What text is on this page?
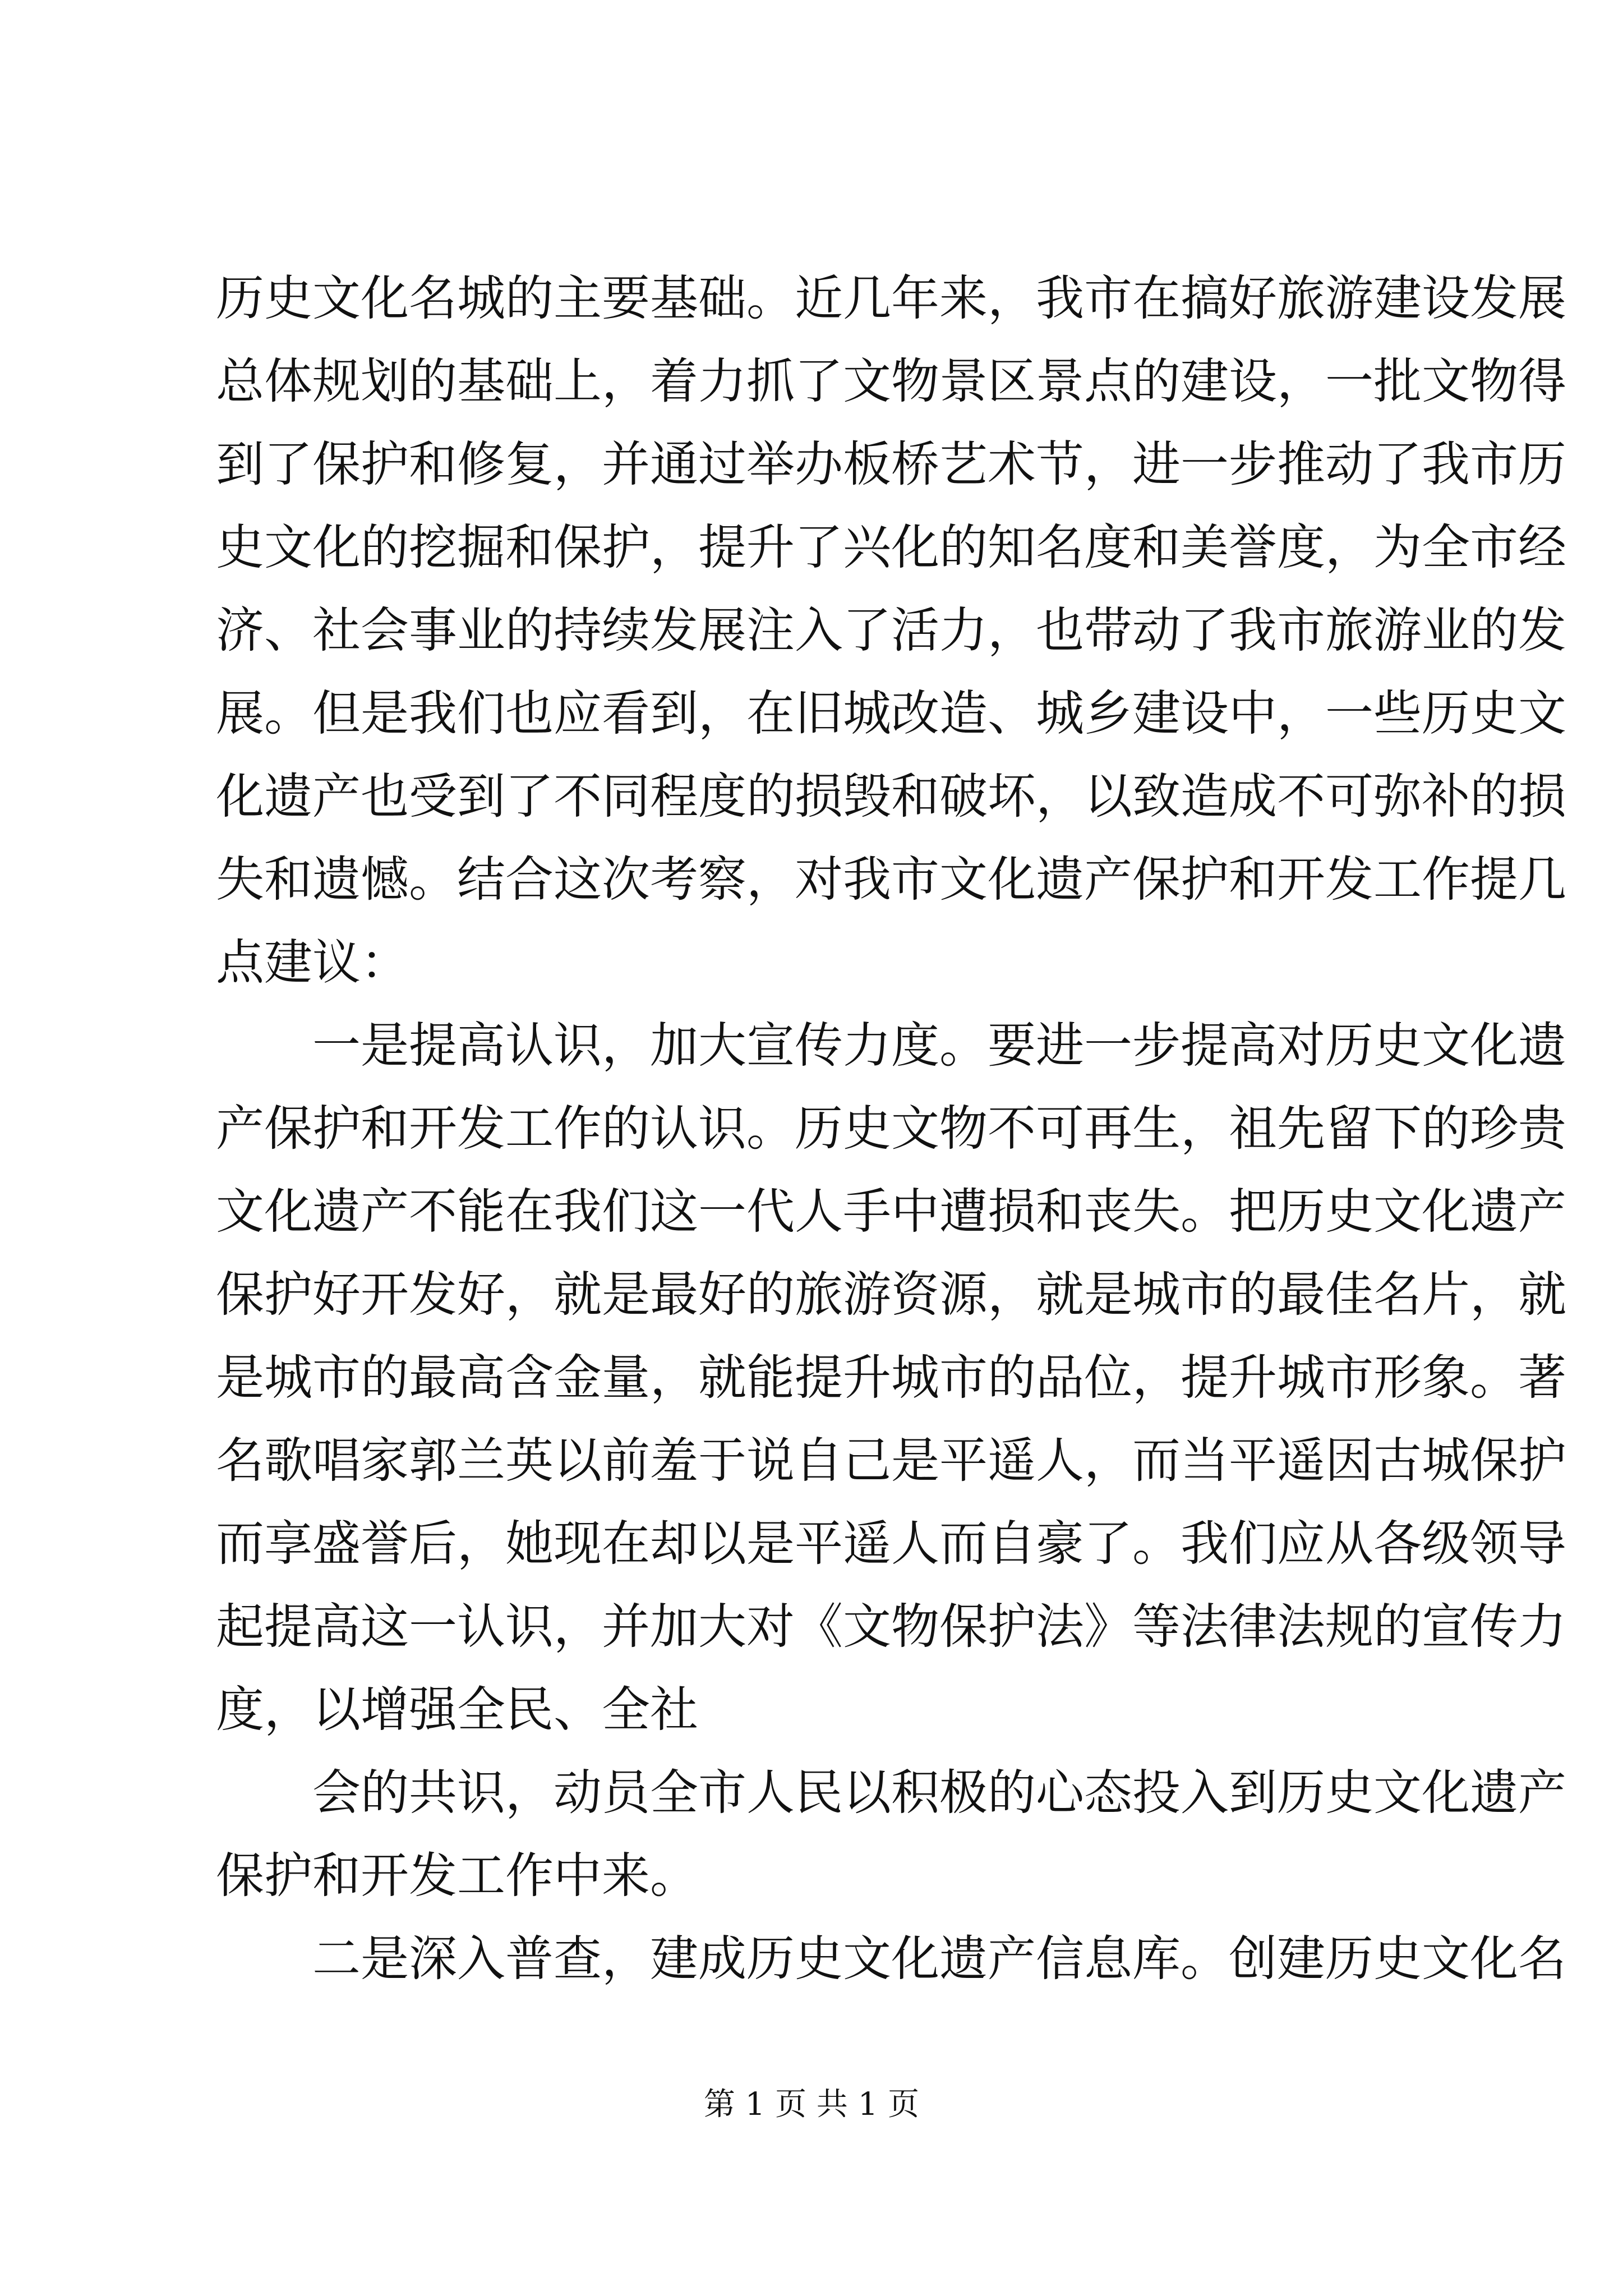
历史文化名城的主要基础。近几年来，我市在搞好旅游建设发展
总体规划的基础上，着力抓了文物景区景点的建设，一批文物得
到了保护和修复，并通过举办板桥艺术节，进一步推动了我市历
史文化的挖掘和保护，提升了兴化的知名度和美誉度，为全市经
济、社会事业的持续发展注入了活力，也带动了我市旅游业的发
展。但是我们也应看到，在旧城改造、城乡建设中，一些历史文
化遗产也受到了不同程度的损毁和破坏，以致造成不可弥补的损
失和遗憾。结合这次考察，对我市文化遗产保护和开发工作提几
点建议：
一是提高认识，加大宣传力度。要进一步提高对历史文化遗
产保护和开发工作的认识。历史文物不可再生，祖先留下的珍贵
文化遗产不能在我们这一代人手中遭损和丧失。把历史文化遗产
保护好开发好，就是最好的旅游资源，就是城市的最佳名片，就
是城市的最高含金量，就能提升城市的品位，提升城市形象。著
名歌唱家郭兰英以前羞于说自己是平遥人，而当平遥因古城保护
而享盛誉后，她现在却以是平遥人而自豪了。我们应从各级领导
起提高这一认识，并加大对《文物保护法》等法律法规的宣传力
度，以增强全民、全社
会的共识，动员全市人民以积极的心态投入到历史文化遗产
保护和开发工作中来。
二是深入普查，建成历史文化遗产信息库。创建历史文化名
第 1 页 共 1 页
